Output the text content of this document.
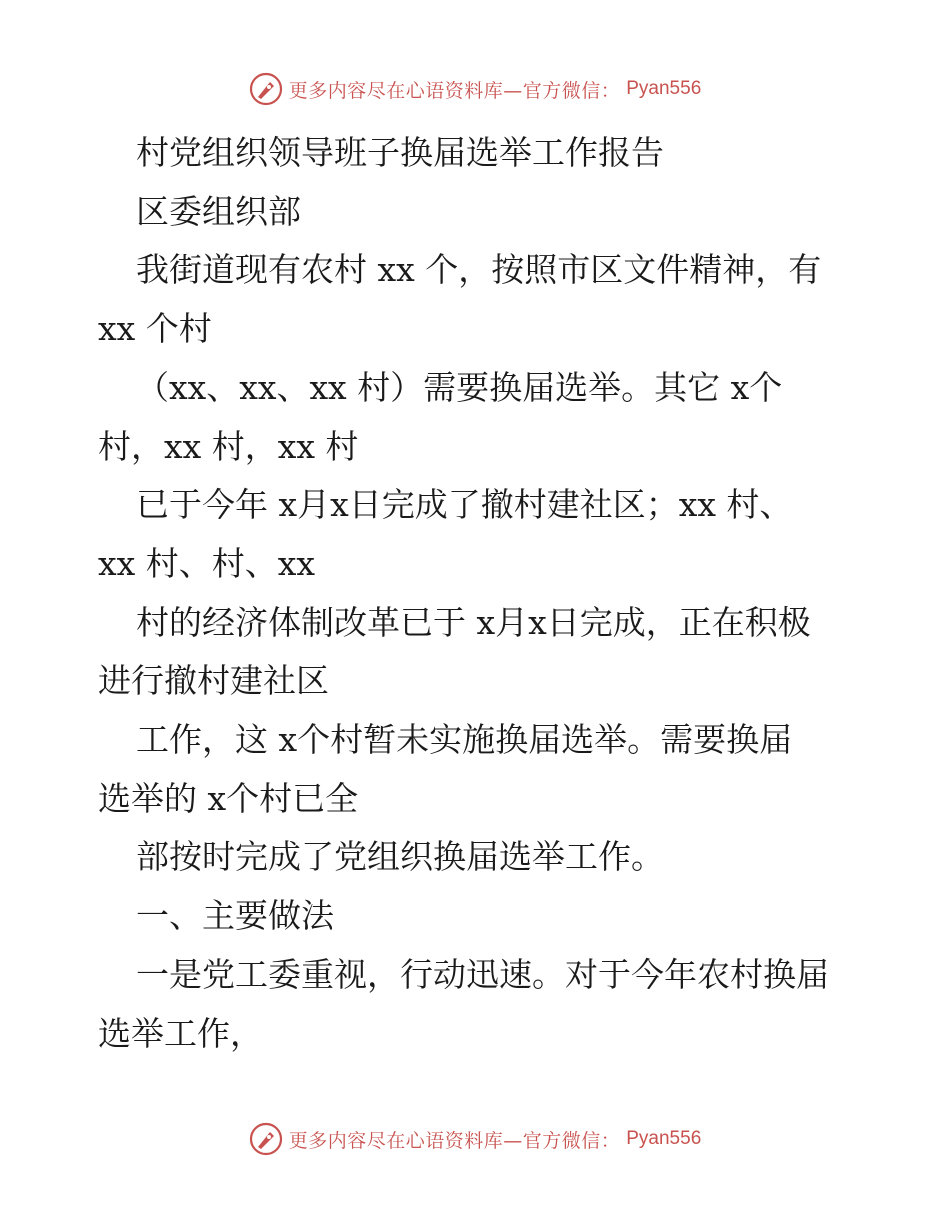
更多内容尽在心语资料库—官方微信： Pyan556

村党组织领导班子换届选举工作报告

区委组织部

我街道现有农村 xx 个，按照市区文件精神，有

xx 个村

（xx、xx、xx 村）需要换届选举。其它 x个

村，xx 村，xx 村

已于今年 x月x日完成了撤村建社区；xx 村、

xx 村、村、xx

村的经济体制改革已于 x月x日完成，正在积极

进行撤村建社区

工作，这 x个村暂未实施换届选举。需要换届

选举的 x个村已全

部按时完成了党组织换届选举工作。

一、主要做法

一是党工委重视，行动迅速。对于今年农村换届

选举工作，

更多内容尽在心语资料库—官方微信： Pyan556
